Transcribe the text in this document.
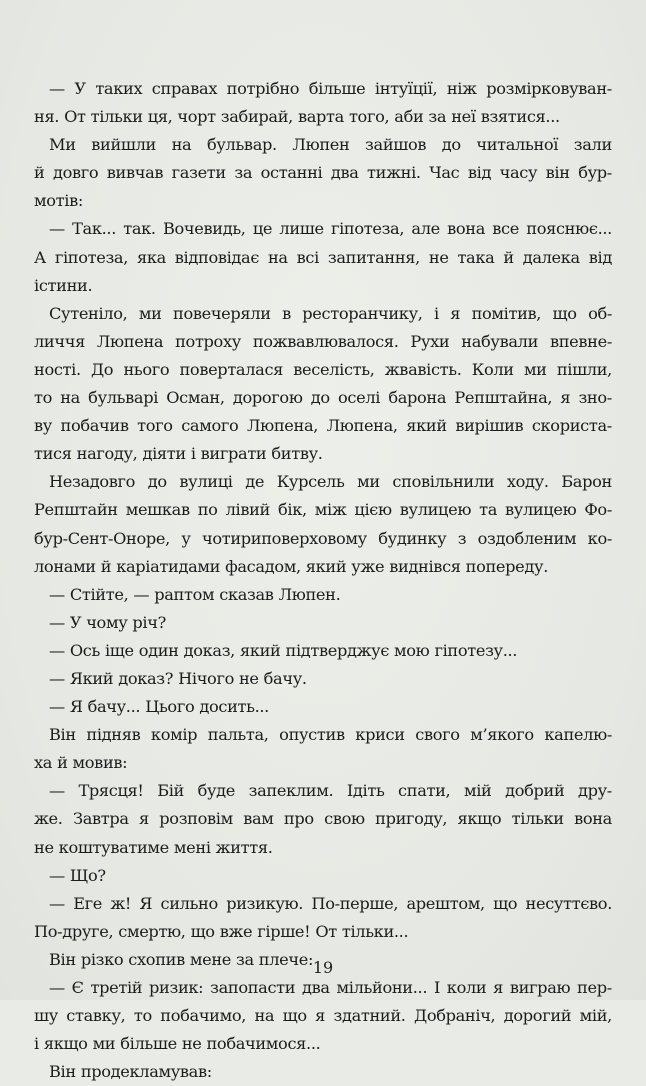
— У таких справах потрібно більше інтуїції, ніж розмірковуван-
ня. От тільки ця, чорт забирай, варта того, аби за неї взятися...
Ми вийшли на бульвар. Люпен зайшов до читальної зали
й довго вивчав газети за останні два тижні. Час від часу він бур-
мотів:
— Так... так. Вочевидь, це лише гіпотеза, але вона все пояснює...
А гіпотеза, яка відповідає на всі запитання, не така й далека від
істини.
Сутеніло, ми повечеряли в ресторанчику, і я помітив, що об-
личчя Люпена потроху пожвавлювалося. Рухи набували впевне-
ності. До нього поверталася веселість, жвавість. Коли ми пішли,
то на бульварі Осман, дорогою до оселі барона Репштайна, я зно-
ву побачив того самого Люпена, Люпена, який вирішив скориста-
тися нагоду, діяти і виграти битву.
Незадовго до вулиці де Курсель ми сповільнили ходу. Барон
Репштайн мешкав по лівий бік, між цією вулицею та вулицею Фо-
бур-Сент-Оноре, у чотириповерховому будинку з оздобленим ко-
лонами й каріатидами фасадом, який уже виднівся попереду.
— Стійте, — раптом сказав Люпен.
— У чому річ?
— Ось іще один доказ, який підтверджує мою гіпотезу...
— Який доказ? Нічого не бачу.
— Я бачу... Цього досить...
Він підняв комір пальта, опустив криси свого м’якого капелю-
ха й мовив:
— Трясця! Бій буде запеклим. Ідіть спати, мій добрий дру-
же. Завтра я розповім вам про свою пригоду, якщо тільки вона
не коштуватиме мені життя.
— Що?
— Еге ж! Я сильно ризикую. По-перше, арештом, що несуттєво.
По-друге, смертю, що вже гірше! От тільки...
Він різко схопив мене за плече:
— Є третій ризик: запопасти два мільйони... І коли я виграю пер-
шу ставку, то побачимо, на що я здатний. Добраніч, дорогий мій,
і якщо ми більше не побачимося...
Він продекламував:
19
